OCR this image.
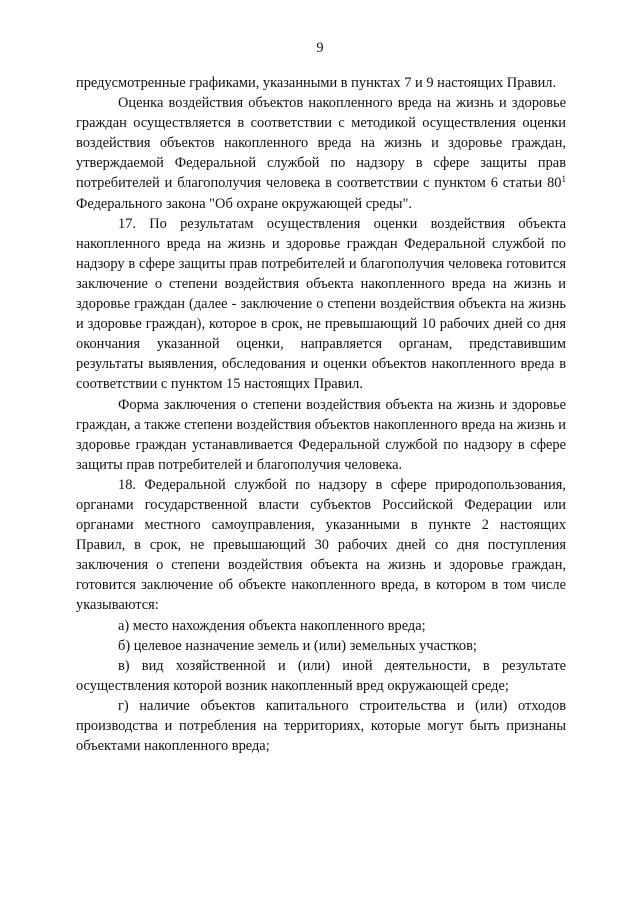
9

предусмотренные графиками, указанными в пунктах 7 и 9 настоящих Правил.

Оценка воздействия объектов накопленного вреда на жизнь и здоровье граждан осуществляется в соответствии с методикой осуществления оценки воздействия объектов накопленного вреда на жизнь и здоровье граждан, утверждаемой Федеральной службой по надзору в сфере защиты прав потребителей и благополучия человека в соответствии с пунктом 6 статьи $80^1$ Федерального закона "Об охране окружающей среды".

17. По результатам осуществления оценки воздействия объекта накопленного вреда на жизнь и здоровье граждан Федеральной службой по надзору в сфере защиты прав потребителей и благополучия человека готовится заключение о степени воздействия объекта накопленного вреда на жизнь и здоровье граждан (далее - заключение о степени воздействия объекта на жизнь и здоровье граждан), которое в срок, не превышающий 10 рабочих дней со дня окончания указанной оценки, направляется органам, представившим результаты выявления, обследования и оценки объектов накопленного вреда в соответствии с пунктом 15 настоящих Правил.

Форма заключения о степени воздействия объекта на жизнь и здоровье граждан, а также степени воздействия объектов накопленного вреда на жизнь и здоровье граждан устанавливается Федеральной службой по надзору в сфере защиты прав потребителей и благополучия человека.

18. Федеральной службой по надзору в сфере природопользования, органами государственной власти субъектов Российской Федерации или органами местного самоуправления, указанными в пункте 2 настоящих Правил, в срок, не превышающий 30 рабочих дней со дня поступления заключения о степени воздействия объекта на жизнь и здоровье граждан, готовится заключение об объекте накопленного вреда, в котором в том числе указываются:

а) место нахождения объекта накопленного вреда;

б) целевое назначение земель и (или) земельных участков;

в) вид хозяйственной и (или) иной деятельности, в результате осуществления которой возник накопленный вред окружающей среде;

г) наличие объектов капитального строительства и (или) отходов производства и потребления на территориях, которые могут быть признаны объектами накопленного вреда;
